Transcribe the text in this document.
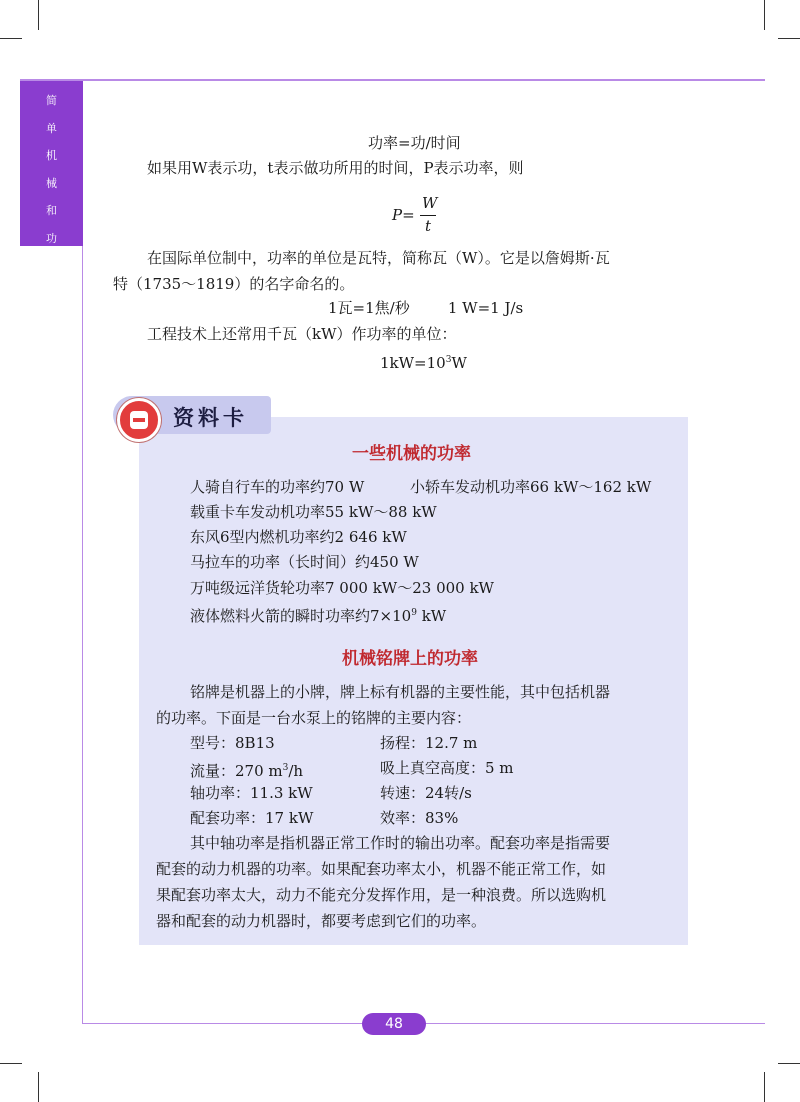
简
单
机
械
和
功
功率=功/时间
如果用W表示功，t表示做功所用的时间，P表示功率，则
P=
W
t
在国际单位制中，功率的单位是瓦特，简称瓦（W）。它是以詹姆斯·瓦
特（1735～1819）的名字命名的。
1瓦=1焦/秒        1 W=1 J/s
工程技术上还常用千瓦（kW）作功率的单位：
$1kW=10^3W$
资料卡
一些机械的功率
人骑自行车的功率约70 W	小轿车发动机功率66 kW～162 kW
载重卡车发动机功率55 kW～88 kW
东风6型内燃机功率约2 646 kW
马拉车的功率（长时间）约450 W
万吨级远洋货轮功率7 000 kW～23 000 kW
液体燃料火箭的瞬时功率约$7\times 10^9$ kW
机械铭牌上的功率
铭牌是机器上的小牌，牌上标有机器的主要性能，其中包括机器
的功率。下面是一台水泵上的铭牌的主要内容：
型号：8B13	扬程：12.7 m
流量：270 $m^3/h$	吸上真空高度：5 m
轴功率：11.3 kW	转速：24转/s
配套功率：17 kW	效率：83%
其中轴功率是指机器正常工作时的输出功率。配套功率是指需要
配套的动力机器的功率。如果配套功率太小，机器不能正常工作，如
果配套功率太大，动力不能充分发挥作用，是一种浪费。所以选购机
器和配套的动力机器时，都要考虑到它们的功率。
48
